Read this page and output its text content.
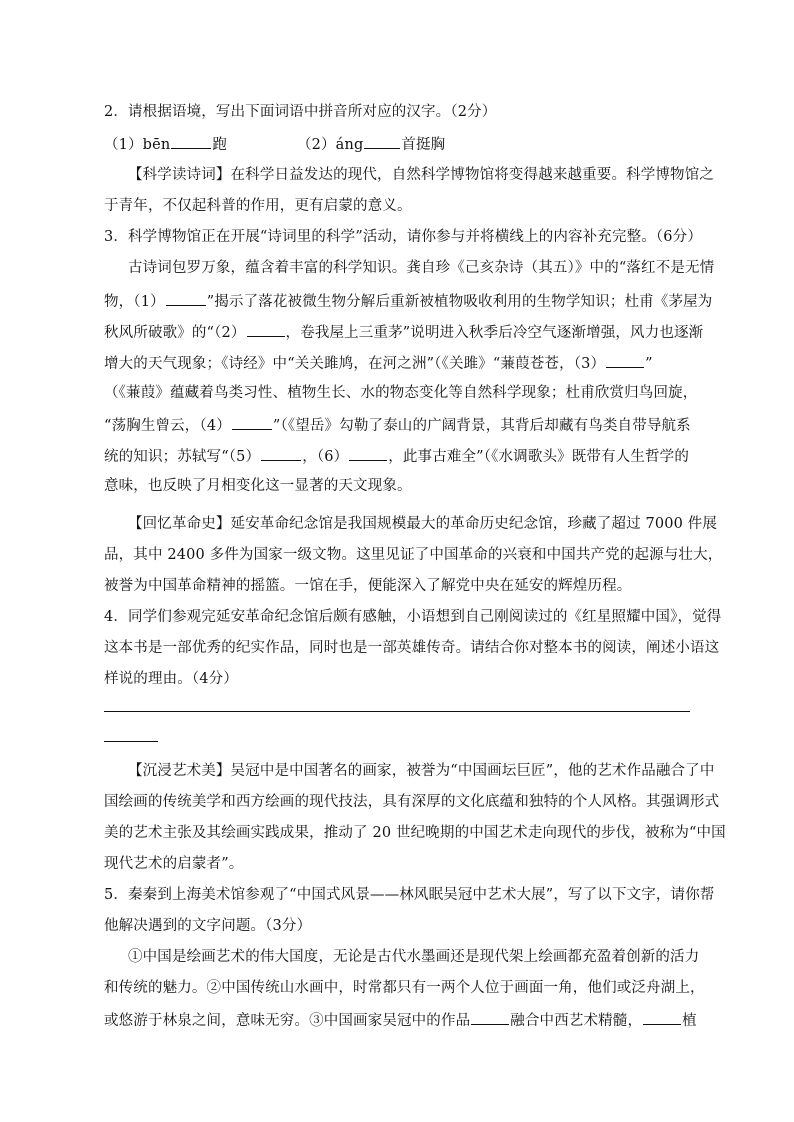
2．请根据语境，写出下面词语中拼音所对应的汉字。（2分）
（1）bēn	跑	（2）áng	首挺胸
【科学读诗词】在科学日益发达的现代，自然科学博物馆将变得越来越重要。科学博物馆之
于青年，不仅起科普的作用，更有启蒙的意义。
3．科学博物馆正在开展“诗词里的科学”活动，请你参与并将横线上的内容补充完整。（6分）
古诗词包罗万象，蕴含着丰富的科学知识。龚自珍《己亥杂诗（其五）》中的“落红不是无情
物，（1）	”揭示了落花被微生物分解后重新被植物吸收利用的生物学知识；杜甫《茅屋为
秋风所破歌》的“（2）	，卷我屋上三重茅”说明进入秋季后冷空气逐渐增强，风力也逐渐
增大的天气现象；《诗经》中“关关雎鸠，在河之洲”（《关雎》“蒹葭苍苍，（3）	”
（《蒹葭》蕴藏着鸟类习性、植物生长、水的物态变化等自然科学现象；杜甫欣赏归鸟回旋，
“荡胸生曾云，（4）	”（《望岳》勾勒了泰山的广阔背景，其背后却藏有鸟类自带导航系
统的知识；苏轼写“（5）	，（6）	，此事古难全”（《水调歌头》既带有人生哲学的
意味，也反映了月相变化这一显著的天文现象。
【回忆革命史】延安革命纪念馆是我国规模最大的革命历史纪念馆，珍藏了超过 7000 件展
品，其中 2400 多件为国家一级文物。这里见证了中国革命的兴衰和中国共产党的起源与壮大，
被誉为中国革命精神的摇篮。一馆在手，便能深入了解党中央在延安的辉煌历程。
4．同学们参观完延安革命纪念馆后颇有感触，小语想到自己刚阅读过的《红星照耀中国》，觉得
这本书是一部优秀的纪实作品，同时也是一部英雄传奇。请结合你对整本书的阅读，阐述小语这
样说的理由。（4分）
【沉浸艺术美】吴冠中是中国著名的画家，被誉为“中国画坛巨匠”，他的艺术作品融合了中
国绘画的传统美学和西方绘画的现代技法，具有深厚的文化底蕴和独特的个人风格。其强调形式
美的艺术主张及其绘画实践成果，推动了 20 世纪晚期的中国艺术走向现代的步伐，被称为“中国
现代艺术的启蒙者”。
5．秦秦到上海美术馆参观了“中国式风景——林风眠吴冠中艺术大展”，写了以下文字，请你帮
他解决遇到的文字问题。（3分）
①中国是绘画艺术的伟大国度，无论是古代水墨画还是现代架上绘画都充盈着创新的活力
和传统的魅力。②中国传统山水画中，时常都只有一两个人位于画面一角，他们或泛舟湖上，
或悠游于林泉之间，意味无穷。③中国画家吴冠中的作品	融合中西艺术精髓，	植
